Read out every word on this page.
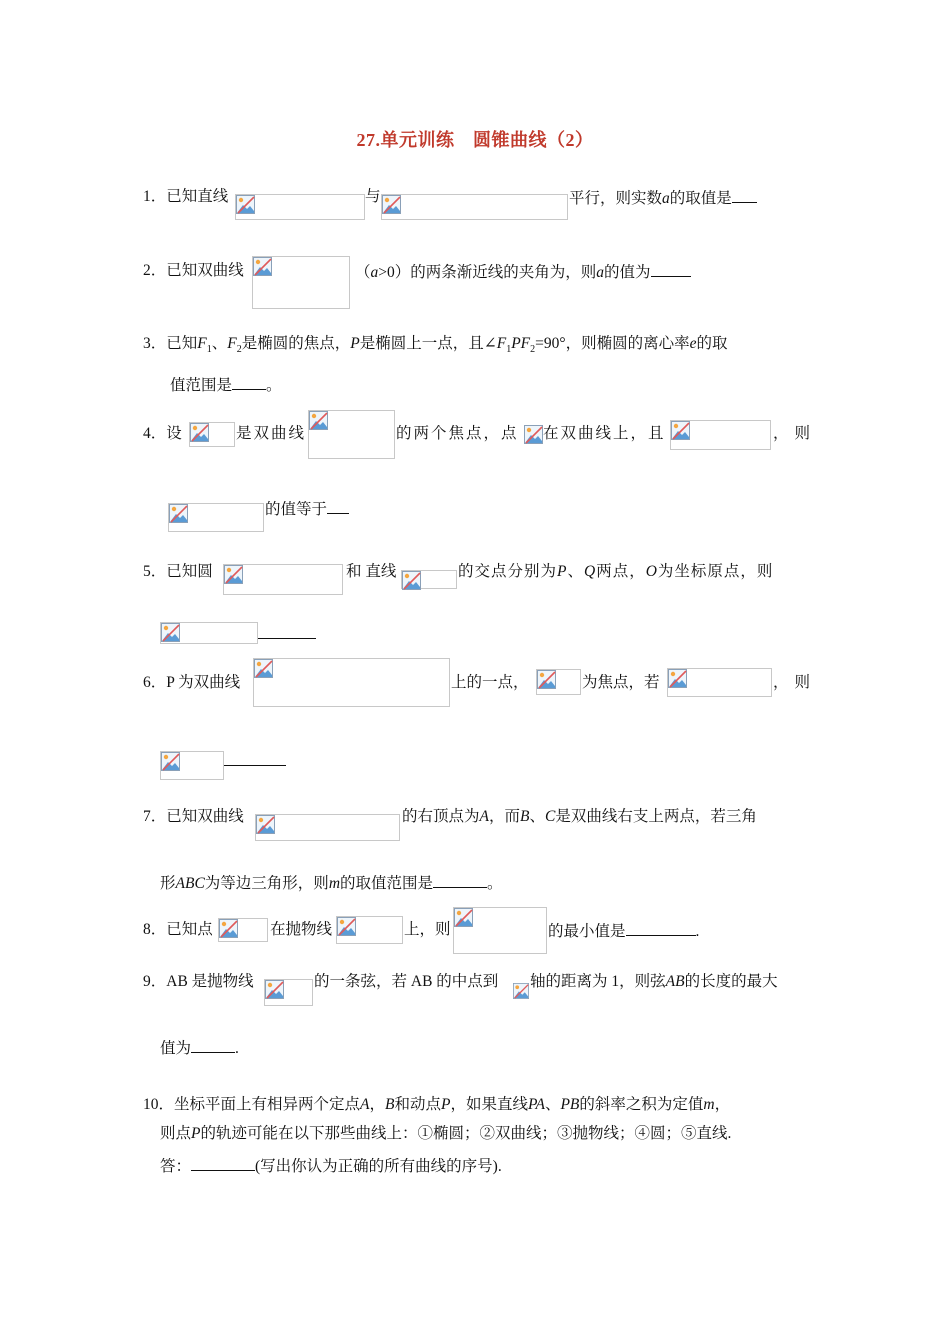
27.单元训练　圆锥曲线（2）
1．已知直线	与	平行，则实数a的取值是
2．已知双曲线	（a>0）的两条渐近线的夹角为，则a的值为
3．已知$F_1$、$F_2$是椭圆的焦点，P是椭圆上一点，且$\angle F_1PF_2=90^\circ$，则椭圆的离心率e的取
值范围是 。
4．设	是双曲线	的两个焦点，点 在双曲线上，且	，则
的值等于
5．已知圆	和 直线	的交点分别为P、Q两点，O为坐标原点，则
6．P 为双曲线	上的一点，	为焦点，若	，则
7．已知双曲线	的右顶点为A，而B、C是双曲线右支上两点，若三角
形ABC为等边三角形，则m的取值范围是	。
8．已知点	在抛物线	上，则	的最小值是	.
9．AB 是抛物线	的一条弦，若 AB 的中点到 轴的距离为 1，则弦AB的长度的最大
值为	.
10．坐标平面上有相异两个定点A，B和动点P，如果直线PA、PB的斜率之积为定值m，
则点P的轨迹可能在以下那些曲线上：①椭圆；②双曲线；③抛物线；④圆；⑤直线.
答：	(写出你认为正确的所有曲线的序号).
